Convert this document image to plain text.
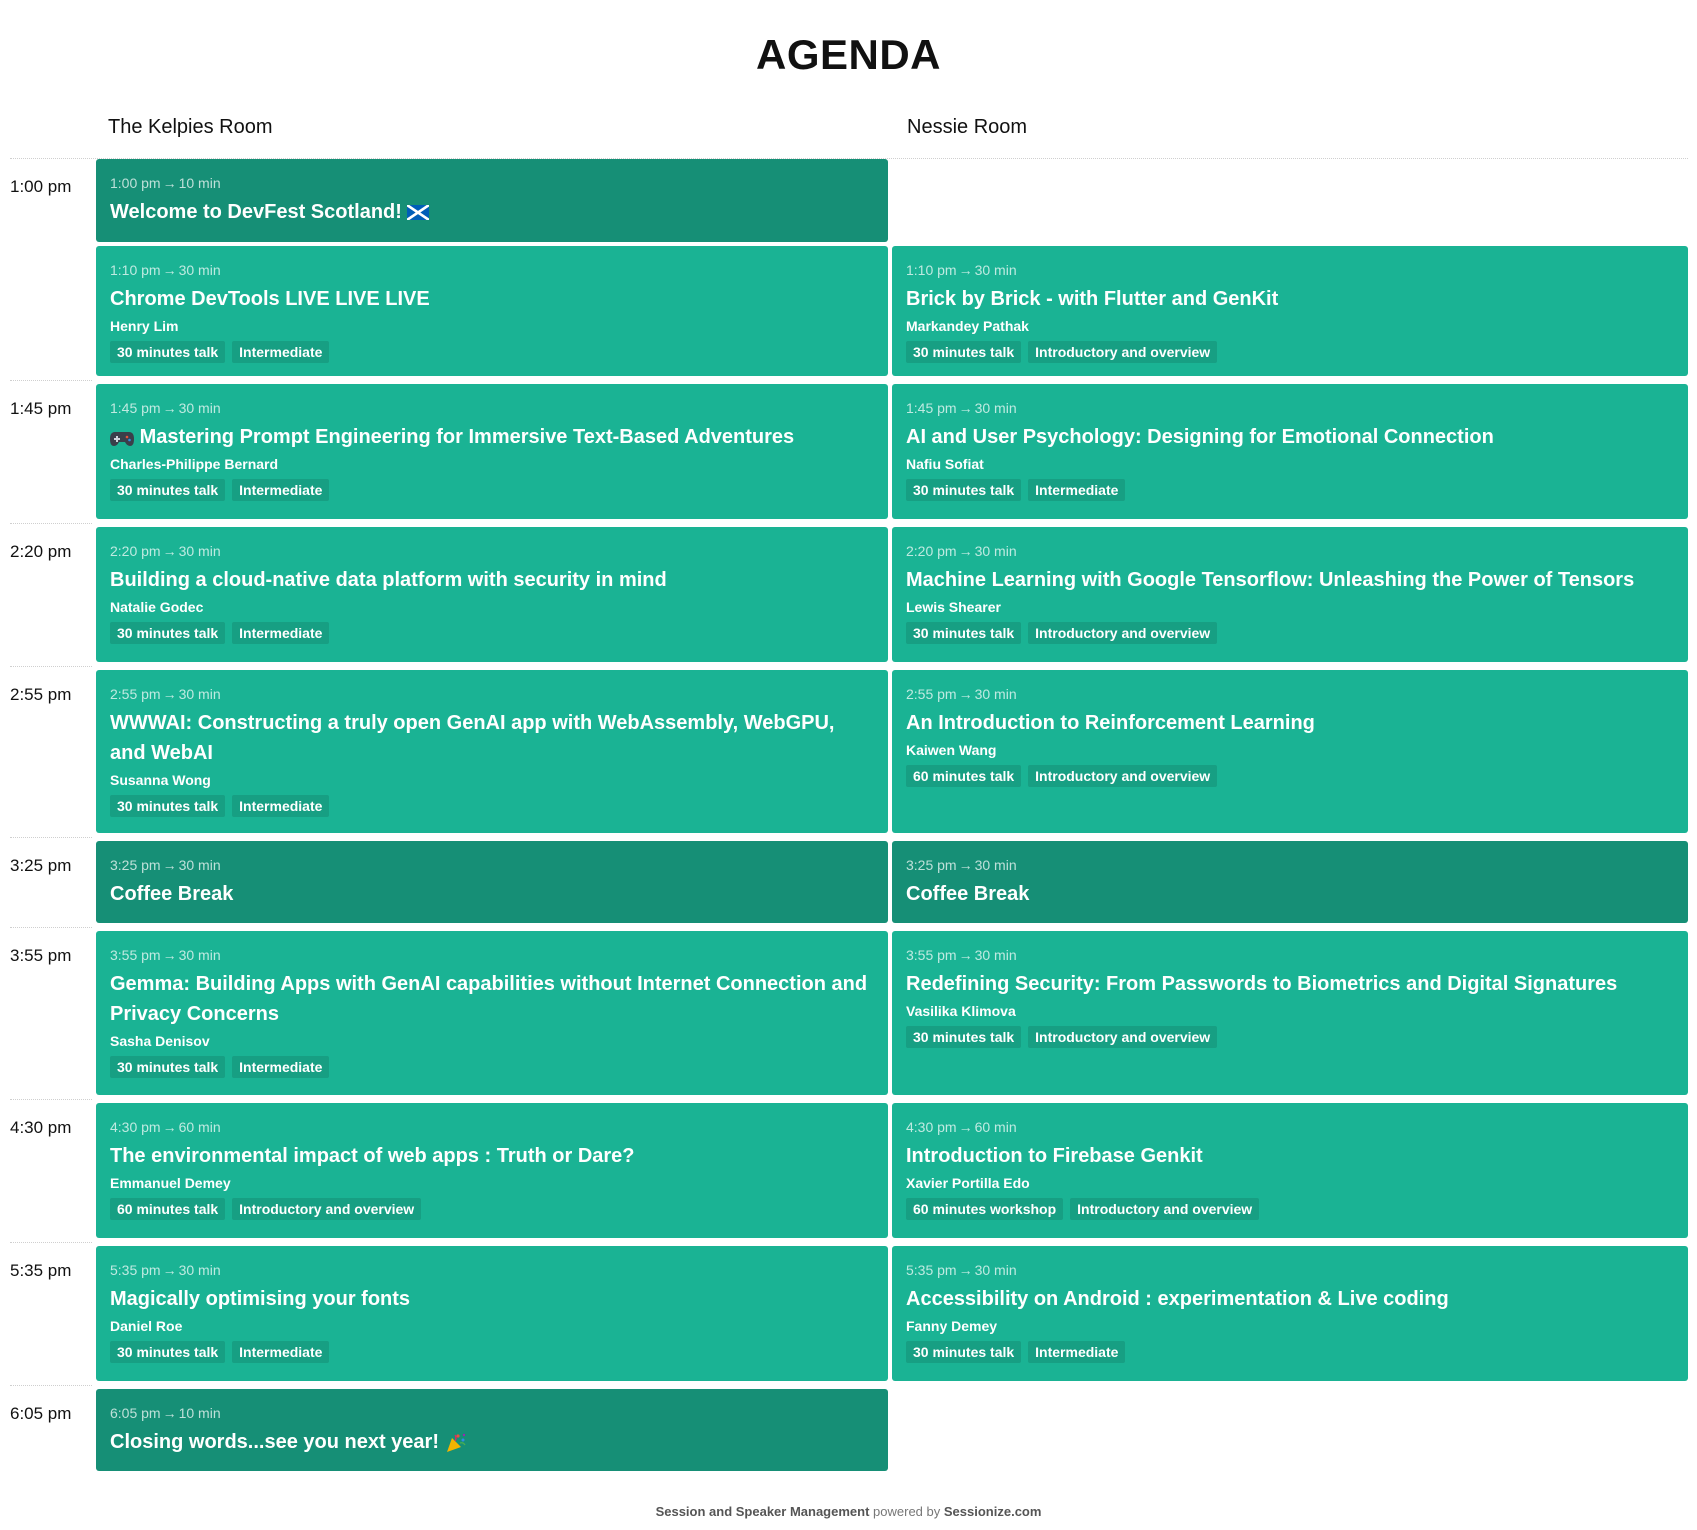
AGENDA
The Kelpies Room	Nessie Room
1:00 pm	1:00 pm → 10 min
Welcome to DevFest Scotland!
1:10 pm → 30 min
Chrome DevTools LIVE LIVE LIVE
Henry Lim
30 minutes talk	Intermediate
1:10 pm → 30 min
Brick by Brick - with Flutter and GenKit
Markandey Pathak
30 minutes talk	Introductory and overview
1:45 pm	1:45 pm → 30 min
Mastering Prompt Engineering for Immersive Text-Based Adventures
Charles-Philippe Bernard
30 minutes talk	Intermediate
1:45 pm → 30 min
AI and User Psychology: Designing for Emotional Connection
Nafiu Sofiat
30 minutes talk	Intermediate
2:20 pm	2:20 pm → 30 min
Building a cloud-native data platform with security in mind
Natalie Godec
30 minutes talk	Intermediate
2:20 pm → 30 min
Machine Learning with Google Tensorflow: Unleashing the Power of Tensors
Lewis Shearer
30 minutes talk	Introductory and overview
2:55 pm	2:55 pm → 30 min
WWWAI: Constructing a truly open GenAI app with WebAssembly, WebGPU, and WebAI
Susanna Wong
30 minutes talk	Intermediate
2:55 pm → 30 min
An Introduction to Reinforcement Learning
Kaiwen Wang
60 minutes talk	Introductory and overview
3:25 pm	3:25 pm → 30 min
Coffee Break
3:25 pm → 30 min
Coffee Break
3:55 pm	3:55 pm → 30 min
Gemma: Building Apps with GenAI capabilities without Internet Connection and Privacy Concerns
Sasha Denisov
30 minutes talk	Intermediate
3:55 pm → 30 min
Redefining Security: From Passwords to Biometrics and Digital Signatures
Vasilika Klimova
30 minutes talk	Introductory and overview
4:30 pm	4:30 pm → 60 min
The environmental impact of web apps : Truth or Dare?
Emmanuel Demey
60 minutes talk	Introductory and overview
4:30 pm → 60 min
Introduction to Firebase Genkit
Xavier Portilla Edo
60 minutes workshop	Introductory and overview
5:35 pm	5:35 pm → 30 min
Magically optimising your fonts
Daniel Roe
30 minutes talk	Intermediate
5:35 pm → 30 min
Accessibility on Android : experimentation & Live coding
Fanny Demey
30 minutes talk	Intermediate
6:05 pm	6:05 pm → 10 min
Closing words...see you next year!
Session and Speaker Management powered by Sessionize.com
